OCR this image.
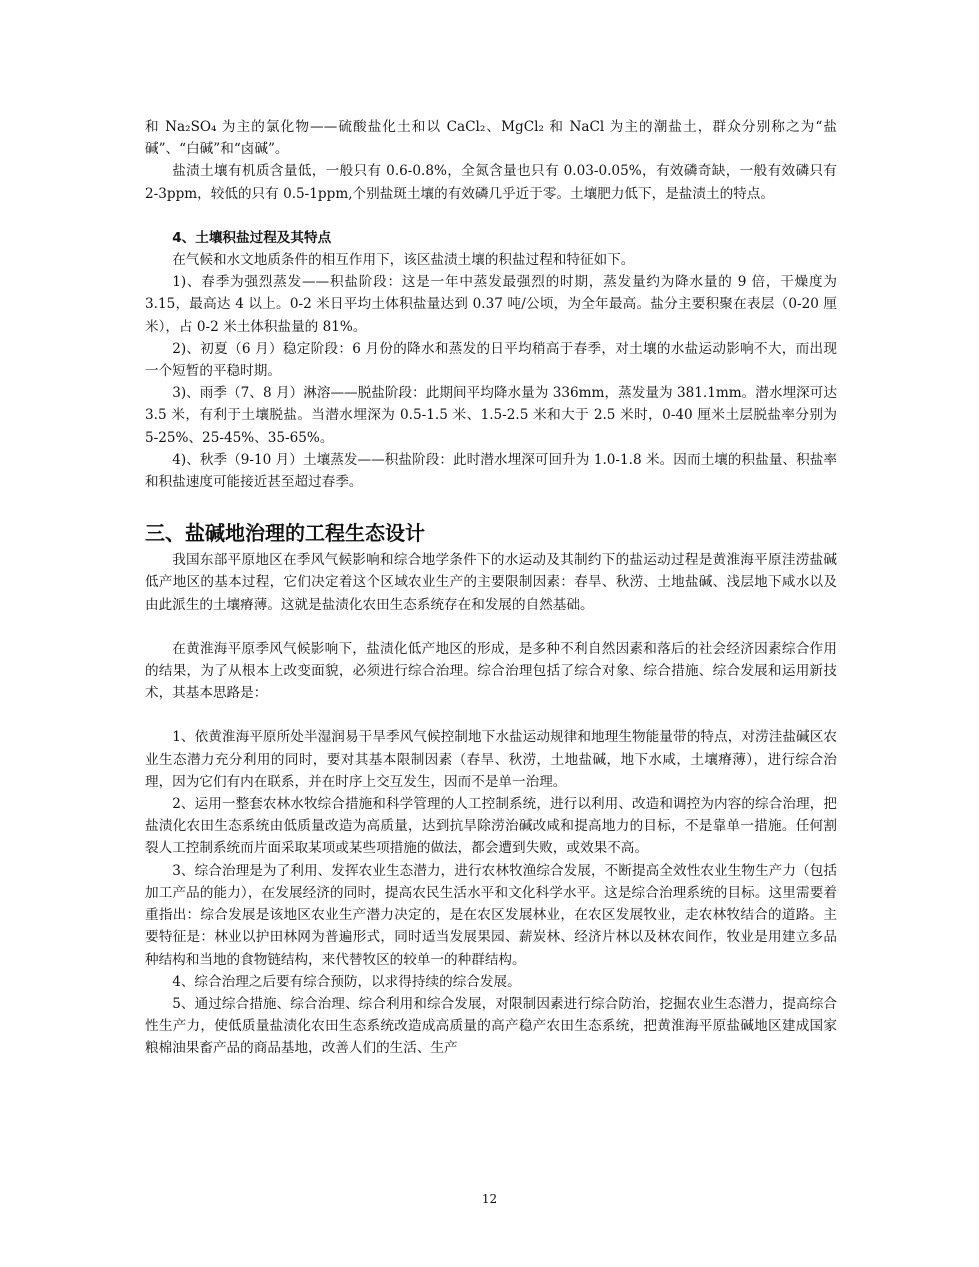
和 Na₂SO₄ 为主的氯化物——硫酸盐化土和以 CaCl₂、MgCl₂ 和 NaCl 为主的潮盐土，群众分别称之为“盐碱”、“白碱”和“卤碱”。

盐渍土壤有机质含量低，一般只有 0.6-0.8%，全氮含量也只有 0.03-0.05%，有效磷奇缺，一般有效磷只有 2-3ppm，较低的只有 0.5-1ppm,个别盐斑土壤的有效磷几乎近于零。土壤肥力低下，是盐渍土的特点。

4、土壤积盐过程及其特点

在气候和水文地质条件的相互作用下，该区盐渍土壤的积盐过程和特征如下。

1)、春季为强烈蒸发——积盐阶段：这是一年中蒸发最强烈的时期，蒸发量约为降水量的 9 倍，干燥度为 3.15，最高达 4 以上。0-2 米日平均土体积盐量达到 0.37 吨/公顷，为全年最高。盐分主要积聚在表层（0-20 厘米），占 0-2 米土体积盐量的 81%。

2)、初夏（6 月）稳定阶段：6 月份的降水和蒸发的日平均稍高于春季，对土壤的水盐运动影响不大，而出现一个短暂的平稳时期。

3)、雨季（7、8 月）淋溶——脱盐阶段：此期间平均降水量为 336mm，蒸发量为 381.1mm。潜水埋深可达 3.5 米，有利于土壤脱盐。当潜水埋深为 0.5-1.5 米、1.5-2.5 米和大于 2.5 米时，0-40 厘米土层脱盐率分别为 5-25%、25-45%、35-65%。

4)、秋季（9-10 月）土壤蒸发——积盐阶段：此时潜水埋深可回升为 1.0-1.8 米。因而土壤的积盐量、积盐率和积盐速度可能接近甚至超过春季。

三、盐碱地治理的工程生态设计

我国东部平原地区在季风气候影响和综合地学条件下的水运动及其制约下的盐运动过程是黄淮海平原洼涝盐碱低产地区的基本过程，它们决定着这个区域农业生产的主要限制因素：春旱、秋涝、土地盐碱、浅层地下咸水以及由此派生的土壤瘠薄。这就是盐渍化农田生态系统存在和发展的自然基础。

在黄淮海平原季风气候影响下，盐渍化低产地区的形成，是多种不利自然因素和落后的社会经济因素综合作用的结果，为了从根本上改变面貌，必须进行综合治理。综合治理包括了综合对象、综合措施、综合发展和运用新技术，其基本思路是：

1、依黄淮海平原所处半湿润易干旱季风气候控制地下水盐运动规律和地理生物能量带的特点，对涝洼盐碱区农业生态潜力充分利用的同时，要对其基本限制因素（春旱、秋涝，土地盐碱，地下水咸，土壤瘠薄），进行综合治理，因为它们有内在联系，并在时序上交互发生，因而不是单一治理。

2、运用一整套农林水牧综合措施和科学管理的人工控制系统，进行以利用、改造和调控为内容的综合治理，把盐渍化农田生态系统由低质量改造为高质量，达到抗旱除涝治碱改咸和提高地力的目标，不是靠单一措施。任何割裂人工控制系统而片面采取某项或某些项措施的做法，都会遭到失败，或效果不高。

3、综合治理是为了利用、发挥农业生态潜力，进行农林牧渔综合发展，不断提高全效性农业生物生产力（包括加工产品的能力），在发展经济的同时，提高农民生活水平和文化科学水平。这是综合治理系统的目标。这里需要着重指出：综合发展是该地区农业生产潜力决定的，是在农区发展林业，在农区发展牧业，走农林牧结合的道路。主要特征是：林业以护田林网为普遍形式，同时适当发展果园、薪炭林、经济片林以及林农间作，牧业是用建立多品种结构和当地的食物链结构，来代替牧区的较单一的种群结构。

4、综合治理之后要有综合预防，以求得持续的综合发展。

5、通过综合措施、综合治理、综合利用和综合发展，对限制因素进行综合防治，挖掘农业生态潜力，提高综合性生产力，使低质量盐渍化农田生态系统改造成高质量的高产稳产农田生态系统，把黄淮海平原盐碱地区建成国家粮棉油果畜产品的商品基地，改善人们的生活、生产

12
